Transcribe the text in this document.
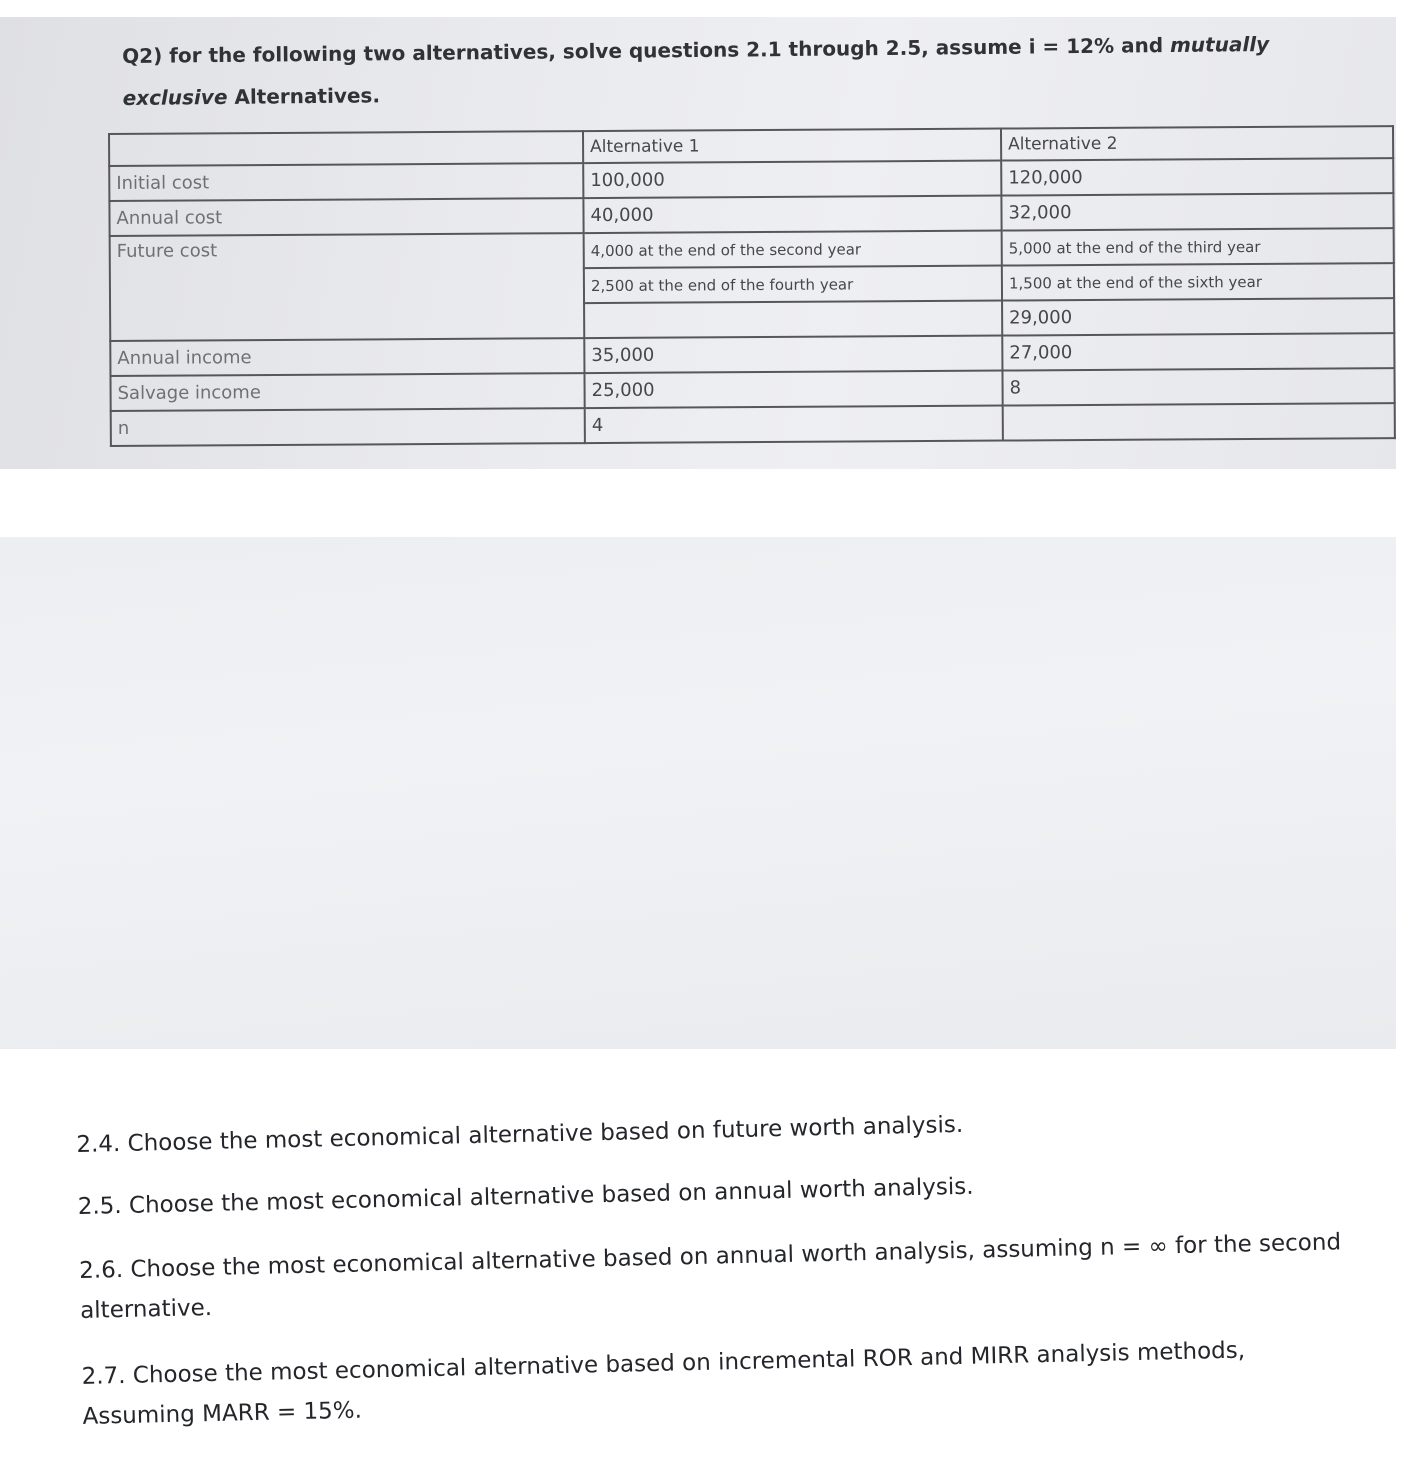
Q2) for the following two alternatives, solve questions 2.1 through 2.5, assume i = 12% and mutually
exclusive Alternatives.
	Alternative 1	Alternative 2
Initial cost	100,000	120,000
Annual cost	40,000	32,000
Future cost	4,000 at the end of the second year	5,000 at the end of the third year
	2,500 at the end of the fourth year	1,500 at the end of the sixth year
		29,000
Annual income	35,000	27,000
Salvage income	25,000	8
n	4	
2.4. Choose the most economical alternative based on future worth analysis.
2.5. Choose the most economical alternative based on annual worth analysis.
2.6. Choose the most economical alternative based on annual worth analysis, assuming n = ∞ for the second alternative.
2.7. Choose the most economical alternative based on incremental ROR and MIRR analysis methods, Assuming MARR = 15%.
